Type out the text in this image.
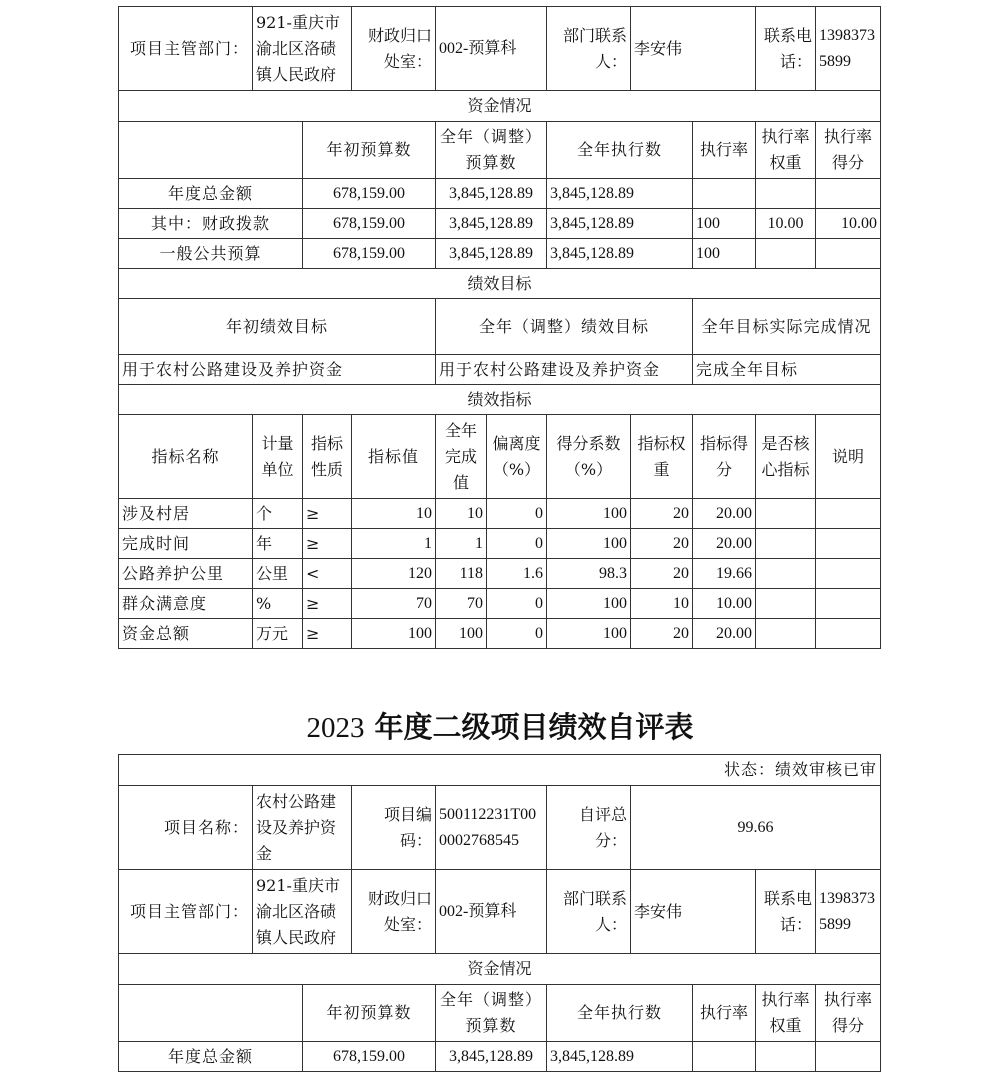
项目主管部门：	921-重庆市渝北区洛碛镇人民政府		财政归口处室：	002-预算科		部门联系人：	李安伟		联系电话：	13983735899
资金情况										
		年初预算数		全年（调整）预算数		全年执行数		执行率	执行率权重	执行率得分
年度总金额		678,159.00		3,845,128.89		3,845,128.89				
其中：财政拨款		678,159.00		3,845,128.89		3,845,128.89		100	10.00	10.00
一般公共预算		678,159.00		3,845,128.89		3,845,128.89		100		
绩效目标										
年初绩效目标				全年（调整）绩效目标				全年目标实际完成情况		
用于农村公路建设及养护资金				用于农村公路建设及养护资金				完成全年目标		
绩效指标										
指标名称	计量单位	指标性质	指标值	全年完成值	偏离度（%）	得分系数（%）	指标权重	指标得分	是否核心指标	说明
涉及村居	个	≥	10	10	0	100	20	20.00		
完成时间	年	≥	1	1	0	100	20	20.00		
公路养护公里	公里	<	120	118	1.6	98.3	20	19.66		
群众满意度	%	≥	70	70	0	100	10	10.00		
资金总额	万元	≥	100	100	0	100	20	20.00		
2023 年度二级项目绩效自评表
状态：绩效审核已审									
项目名称：	农村公路建设及养护资金		项目编码：	500112231T000002768545	自评总分：	99.66			
项目主管部门：	921-重庆市渝北区洛碛镇人民政府		财政归口处室：	002-预算科	部门联系人：	李安伟		联系电话：	13983735899
资金情况									
		年初预算数		全年（调整）预算数	全年执行数		执行率	执行率权重	执行率得分
年度总金额		678,159.00		3,845,128.89	3,845,128.89				
